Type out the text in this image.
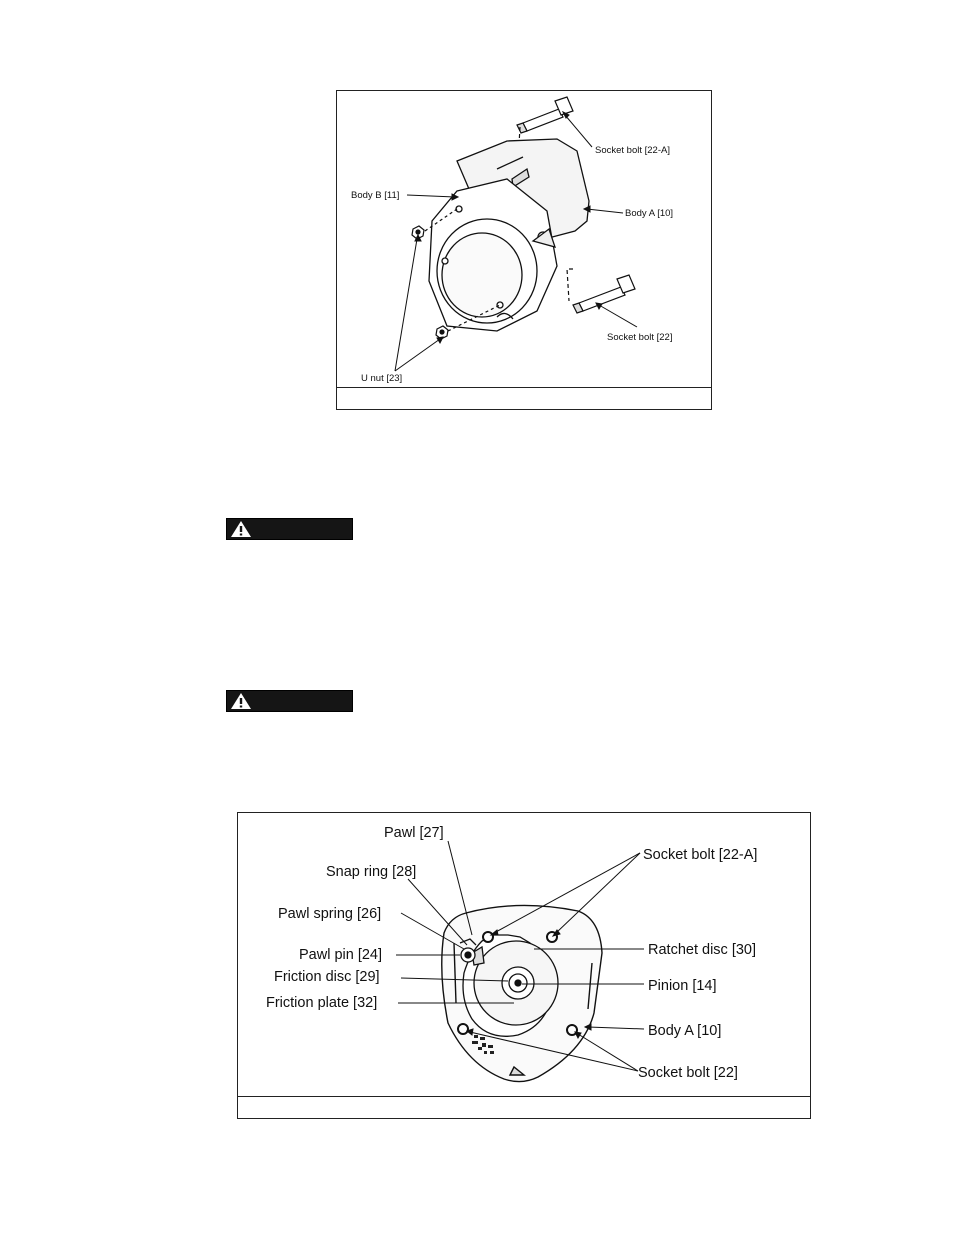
Socket bolt [22-A]
Body B [11]
Body A [10]
Socket bolt [22]
U nut [23]
Pawl [27]
Snap ring [28]
Pawl spring [26]
Pawl pin [24]
Friction disc [29]
Friction plate [32]
Socket bolt [22-A]
Ratchet disc [30]
Pinion [14]
Body A [10]
Socket bolt [22]
